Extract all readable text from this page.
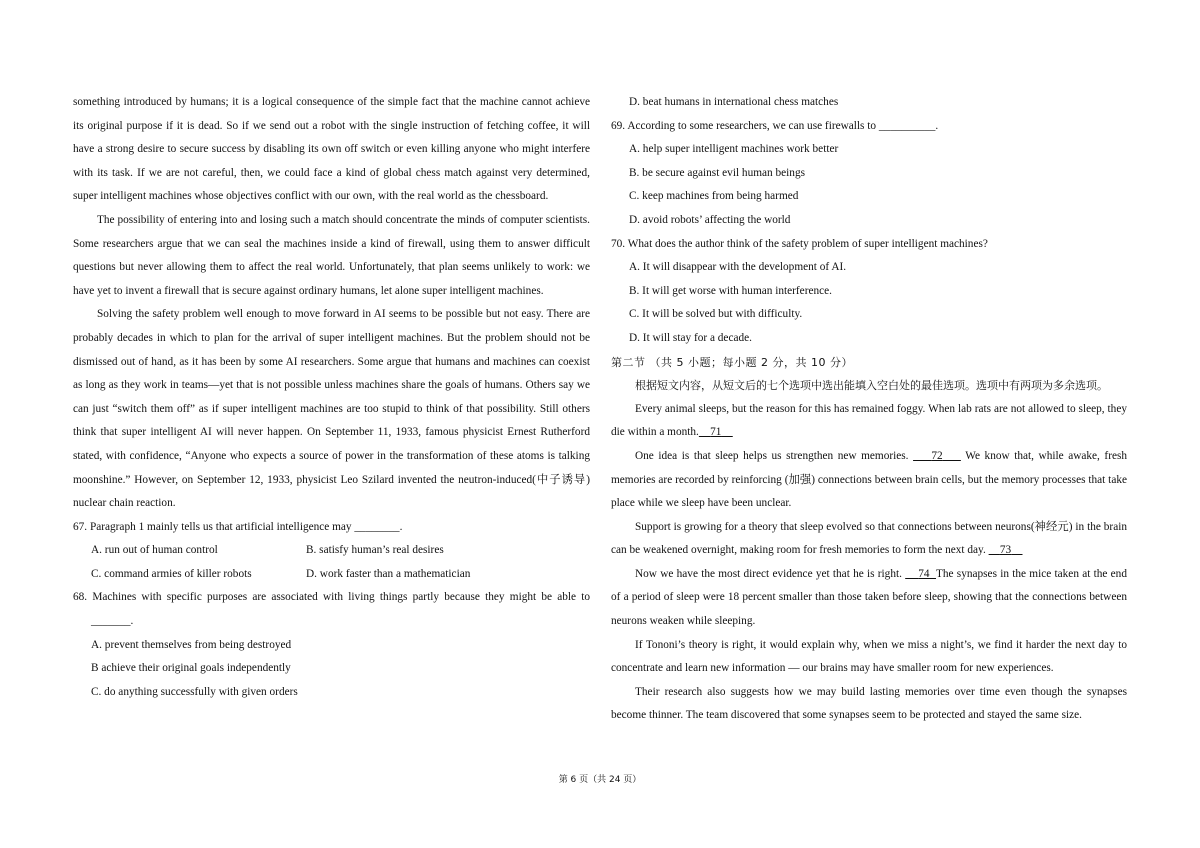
something introduced by humans; it is a logical consequence of the simple fact that the machine cannot achieve its original purpose if it is dead. So if we send out a robot with the single instruction of fetching coffee, it will have a strong desire to secure success by disabling its own off switch or even killing anyone who might interfere with its task. If we are not careful, then, we could face a kind of global chess match against very determined, super intelligent machines whose objectives conflict with our own, with the real world as the chessboard.

The possibility of entering into and losing such a match should concentrate the minds of computer scientists. Some researchers argue that we can seal the machines inside a kind of firewall, using them to answer difficult questions but never allowing them to affect the real world. Unfortunately, that plan seems unlikely to work: we have yet to invent a firewall that is secure against ordinary humans, let alone super intelligent machines.

Solving the safety problem well enough to move forward in AI seems to be possible but not easy. There are probably decades in which to plan for the arrival of super intelligent machines. But the problem should not be dismissed out of hand, as it has been by some AI researchers. Some argue that humans and machines can coexist as long as they work in teams—yet that is not possible unless machines share the goals of humans. Others say we can just “switch them off” as if super intelligent machines are too stupid to think of that possibility. Still others think that super intelligent AI will never happen. On September 11, 1933, famous physicist Ernest Rutherford stated, with confidence, “Anyone who expects a source of power in the transformation of these atoms is talking moonshine.” However, on September 12, 1933, physicist Leo Szilard invented the neutron-induced(中子诱导) nuclear chain reaction.

67. Paragraph 1 mainly tells us that artificial intelligence may ________.

A. run out of human control	B. satisfy human’s real desires
C. command armies of killer robots	D. work faster than a mathematician

68. Machines with specific purposes are associated with living things partly because they might be able to _______.

A. prevent themselves from being destroyed

B achieve their original goals independently

C. do anything successfully with given orders

D. beat humans in international chess matches

69. According to some researchers, we can use firewalls to __________.

A. help super intelligent machines work better

B. be secure against evil human beings

C. keep machines from being harmed

D. avoid robots’ affecting the world

70. What does the author think of the safety problem of super intelligent machines?

A. It will disappear with the development of AI.

B. It will get worse with human interference.

C. It will be solved but with difficulty.

D. It will stay for a decade.

第二节 （共 5 小题；每小题 2 分，共 10 分）

根据短文内容，从短文后的七个选项中选出能填入空白处的最佳选项。选项中有两项为多余选项。

Every animal sleeps, but the reason for this has remained foggy. When lab rats are not allowed to sleep, they die within a month. 71

One idea is that sleep helps us strengthen new memories. 72 We know that, while awake, fresh memories are recorded by reinforcing (加强) connections between brain cells, but the memory processes that take place while we sleep have been unclear.

Support is growing for a theory that sleep evolved so that connections between neurons(神经元) in the brain can be weakened overnight, making room for fresh memories to form the next day. 73

Now we have the most direct evidence yet that he is right. 74 The synapses in the mice taken at the end of a period of sleep were 18 percent smaller than those taken before sleep, showing that the connections between neurons weaken while sleeping.

If Tononi’s theory is right, it would explain why, when we miss a night’s, we find it harder the next day to concentrate and learn new information — our brains may have smaller room for new experiences.

Their research also suggests how we may build lasting memories over time even though the synapses become thinner. The team discovered that some synapses seem to be protected and stayed the same size.

第 6 页（共 24 页）
